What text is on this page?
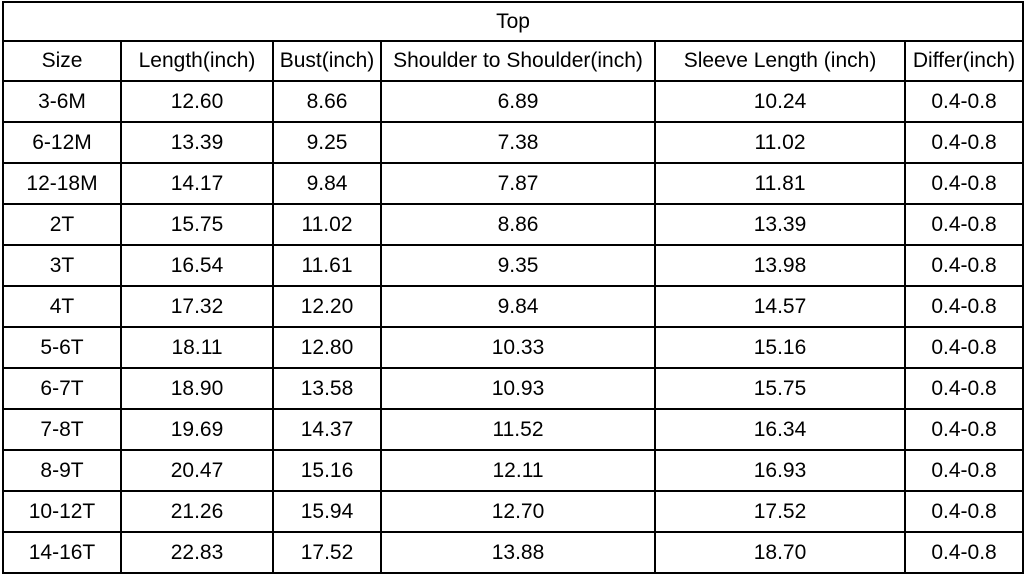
Top					
Size	Length(inch)	Bust(inch)	Shoulder to Shoulder(inch)	Sleeve Length (inch)	Differ(inch)
3-6M	12.60	8.66	6.89	10.24	0.4-0.8
6-12M	13.39	9.25	7.38	11.02	0.4-0.8
12-18M	14.17	9.84	7.87	11.81	0.4-0.8
2T	15.75	11.02	8.86	13.39	0.4-0.8
3T	16.54	11.61	9.35	13.98	0.4-0.8
4T	17.32	12.20	9.84	14.57	0.4-0.8
5-6T	18.11	12.80	10.33	15.16	0.4-0.8
6-7T	18.90	13.58	10.93	15.75	0.4-0.8
7-8T	19.69	14.37	11.52	16.34	0.4-0.8
8-9T	20.47	15.16	12.11	16.93	0.4-0.8
10-12T	21.26	15.94	12.70	17.52	0.4-0.8
14-16T	22.83	17.52	13.88	18.70	0.4-0.8
